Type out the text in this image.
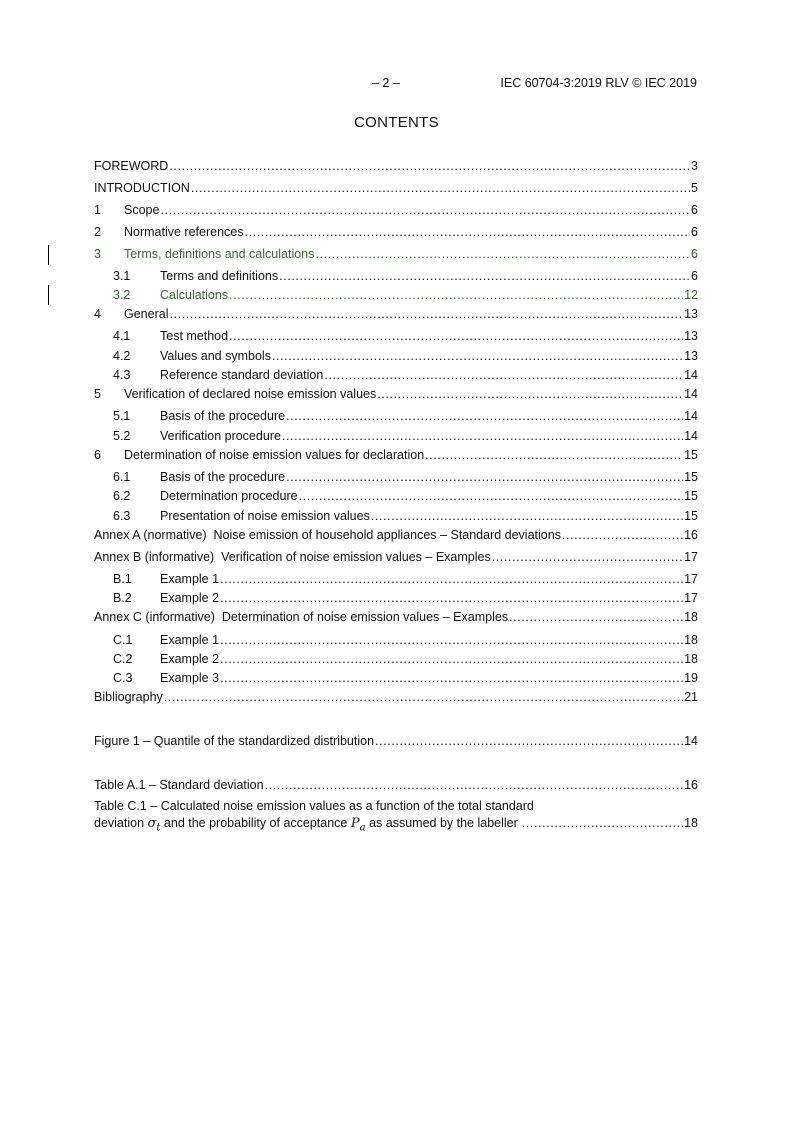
– 2 –	IEC 60704-3:2019 RLV © IEC 2019
CONTENTS
FOREWORD .....	3
INTRODUCTION .....	5
1	Scope .....	6
2	Normative references .....	6
3	Terms, definitions and calculations .....	6
3.1	Terms and definitions .....	6
3.2	Calculations .....	12
4	General .....	13
4.1	Test method .....	13
4.2	Values and symbols .....	13
4.3	Reference standard deviation .....	14
5	Verification of declared noise emission values .....	14
5.1	Basis of the procedure .....	14
5.2	Verification procedure .....	14
6	Determination of noise emission values for declaration .....	15
6.1	Basis of the procedure .....	15
6.2	Determination procedure .....	15
6.3	Presentation of noise emission values .....	15
Annex A (normative)  Noise emission of household appliances – Standard deviations .....	16
Annex B (informative)  Verification of noise emission values – Examples .....	17
B.1	Example 1 .....	17
B.2	Example 2 .....	17
Annex C (informative)  Determination of noise emission values – Examples .....	18
C.1	Example 1 .....	18
C.2	Example 2 .....	18
C.3	Example 3 .....	19
Bibliography .....	21
Figure 1 – Quantile of the standardized distribution .....	14
Table A.1 – Standard deviation .....	16
Table C.1 – Calculated noise emission values as a function of the total standard
deviation
$\sigma_t$
and the probability of acceptance
$P_a$
as assumed by the labeller .....	18
